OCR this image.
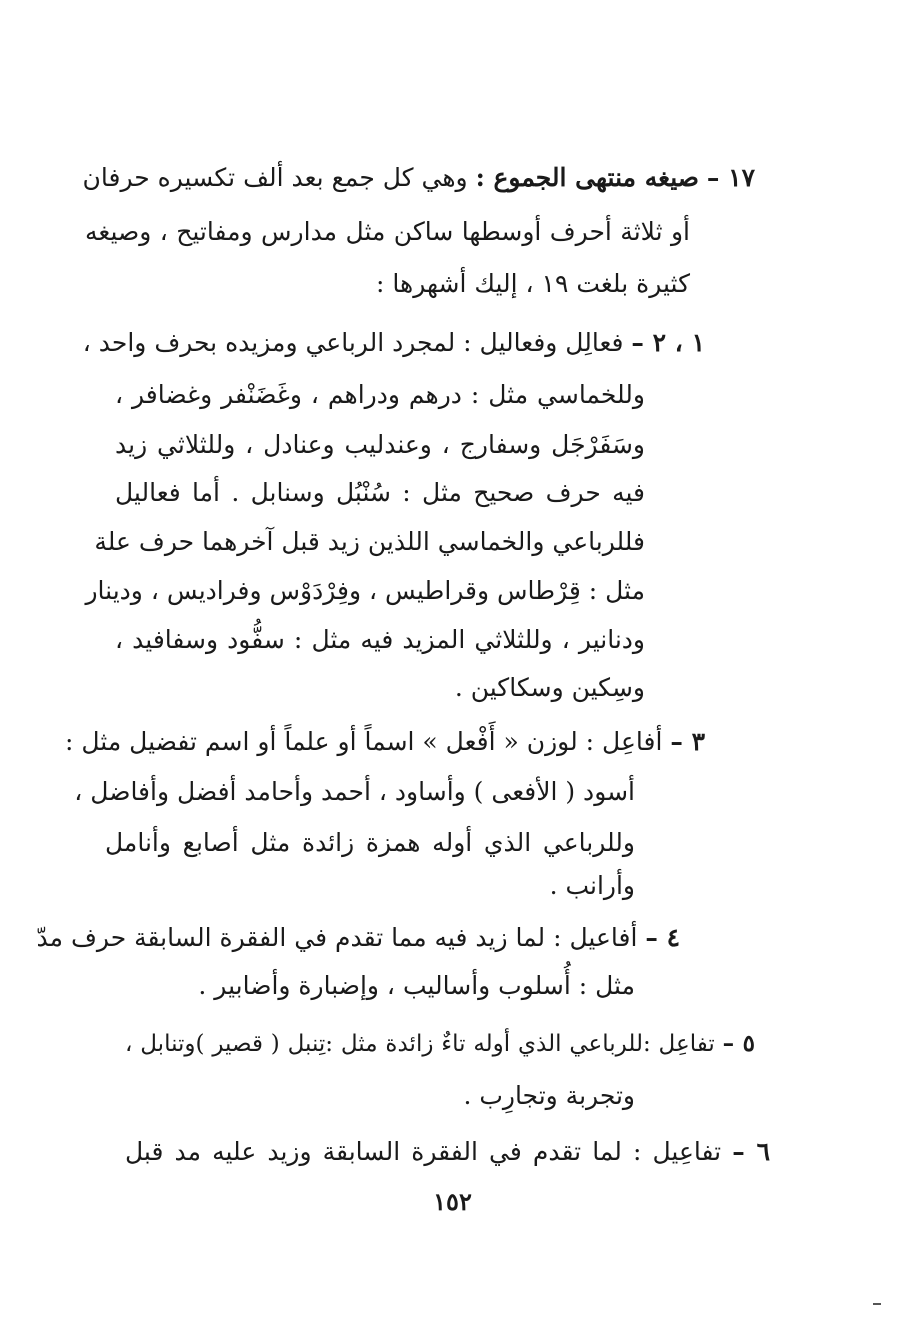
١٧ – صيغه منتهى الجموع : وهي كل جمع بعد ألف تكسيره حرفان
أو ثلاثة أحرف أوسطها ساكن مثل مدارس ومفاتيح ، وصيغه
كثيرة بلغت ١٩ ، إليك أشهرها :
١ ، ٢ – فعالِل وفعاليل : لمجرد الرباعي ومزيده بحرف واحد ،
وللخماسي مثل : درهم ودراهم ، وغَضَنْفر وغضافر ،
وسَفَرْجَل وسفارج ، وعندليب وعنادل ، وللثلاثي زيد
فيه حرف صحيح مثل : سُنْبُل وسنابل . أما فعاليل
فللرباعي والخماسي اللذين زيد قبل آخرهما حرف علة
مثل : قِرْطاس وقراطيس ، وفِرْدَوْس وفراديس ، ودينار
ودنانير ، وللثلاثي المزيد فيه مثل : سفُّود وسفافيد ،
وسِكين وسكاكين .
٣ – أفاعِل : لوزن « أَفْعل » اسماً أو علماً أو اسم تفضيل مثل :
أسود ( الأفعى ) وأساود ، أحمد وأحامد أفضل وأفاضل ،
وللرباعي الذي أوله همزة زائدة مثل أصابع وأنامل
وأرانب .
٤ – أفاعيل : لما زيد فيه مما تقدم في الفقرة السابقة حرف مدّ
مثل : أُسلوب وأساليب ، وإضبارة وأضابير .
٥ – تفاعِل :للرباعي الذي أوله تاءٌ زائدة مثل :تِنبل ( قصير )وتنابل ،
وتجربة وتجارِب .
٦ – تفاعِيل : لما تقدم في الفقرة السابقة وزيد عليه مد قبل
١٥٢
